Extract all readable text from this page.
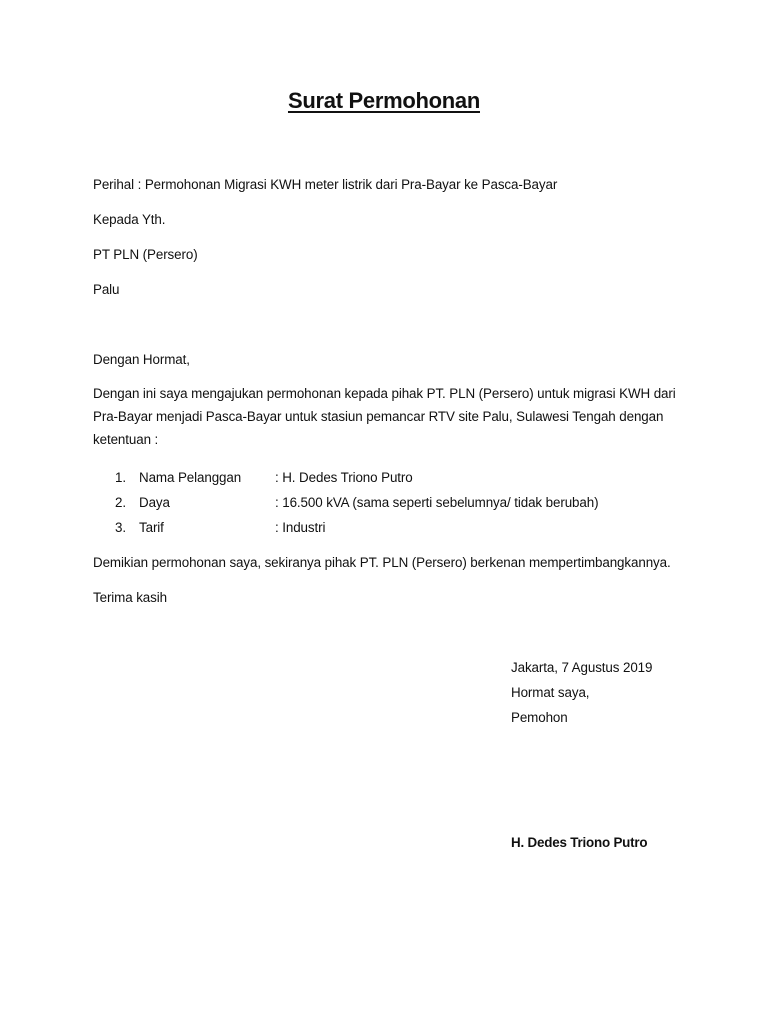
Surat Permohonan
Perihal : Permohonan Migrasi KWH meter listrik dari Pra-Bayar ke Pasca-Bayar
Kepada Yth.
PT PLN (Persero)
Palu
Dengan Hormat,
Dengan ini saya mengajukan permohonan kepada pihak PT. PLN (Persero) untuk migrasi KWH dari
Pra-Bayar menjadi Pasca-Bayar untuk stasiun pemancar RTV site Palu, Sulawesi Tengah dengan
ketentuan :
1. Nama Pelanggan	: H. Dedes Triono Putro
2. Daya	: 16.500 kVA (sama seperti sebelumnya/ tidak berubah)
3. Tarif	: Industri
Demikian permohonan saya, sekiranya pihak PT. PLN (Persero) berkenan mempertimbangkannya.
Terima kasih
Jakarta, 7 Agustus 2019
Hormat saya,
Pemohon
H. Dedes Triono Putro
